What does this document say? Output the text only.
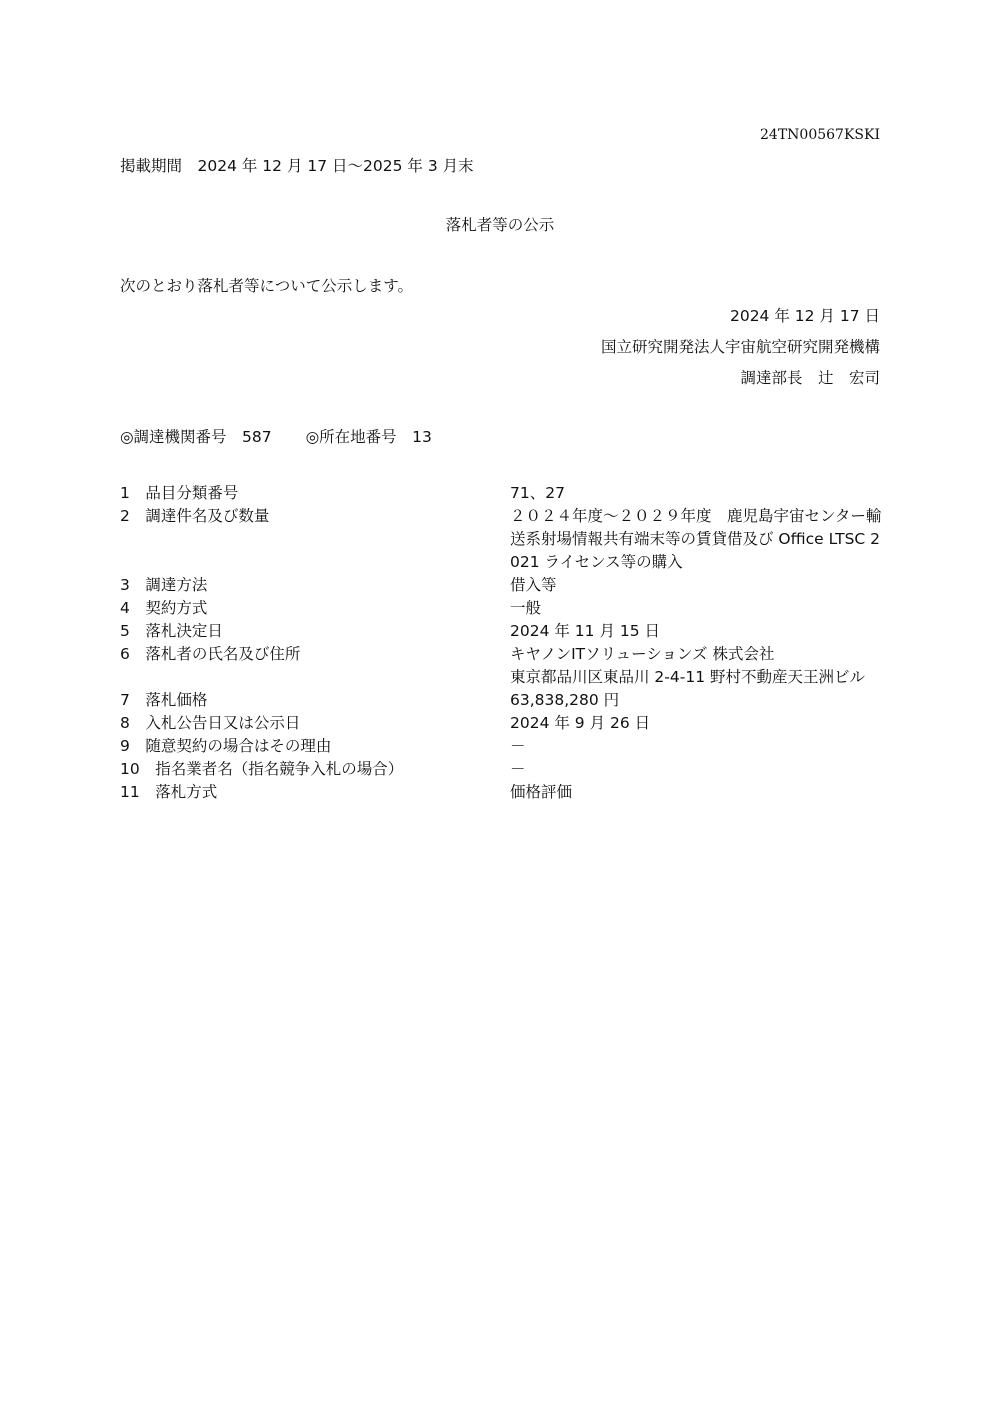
24TN00567KSKI
掲載期間　2024 年 12 月 17 日～2025 年 3 月末
落札者等の公示
次のとおり落札者等について公示します。
2024 年 12 月 17 日
国立研究開発法人宇宙航空研究開発機構
調達部長　辻　宏司
◎調達機関番号　587 ◎所在地番号　13
1　 品目分類番号	71、27
2　 調達件名及び数量	２０２４年度～２０２９年度　鹿児島宇宙センター輸送系射場情報共有端末等の賃貸借及び Office LTSC 2021 ライセンス等の購入
3　 調達方法	借入等
4　 契約方式	一般
5　 落札決定日	2024 年 11 月 15 日
6　 落札者の氏名及び住所	キヤノンITソリューションズ 株式会社
東京都品川区東品川 2-4-11 野村不動産天王洲ビル
7　 落札価格	63,838,280 円
8　 入札公告日又は公示日	2024 年 9 月 26 日
9　 随意契約の場合はその理由	－
10　 指名業者名（指名競争入札の場合）	－
11　 落札方式	価格評価
